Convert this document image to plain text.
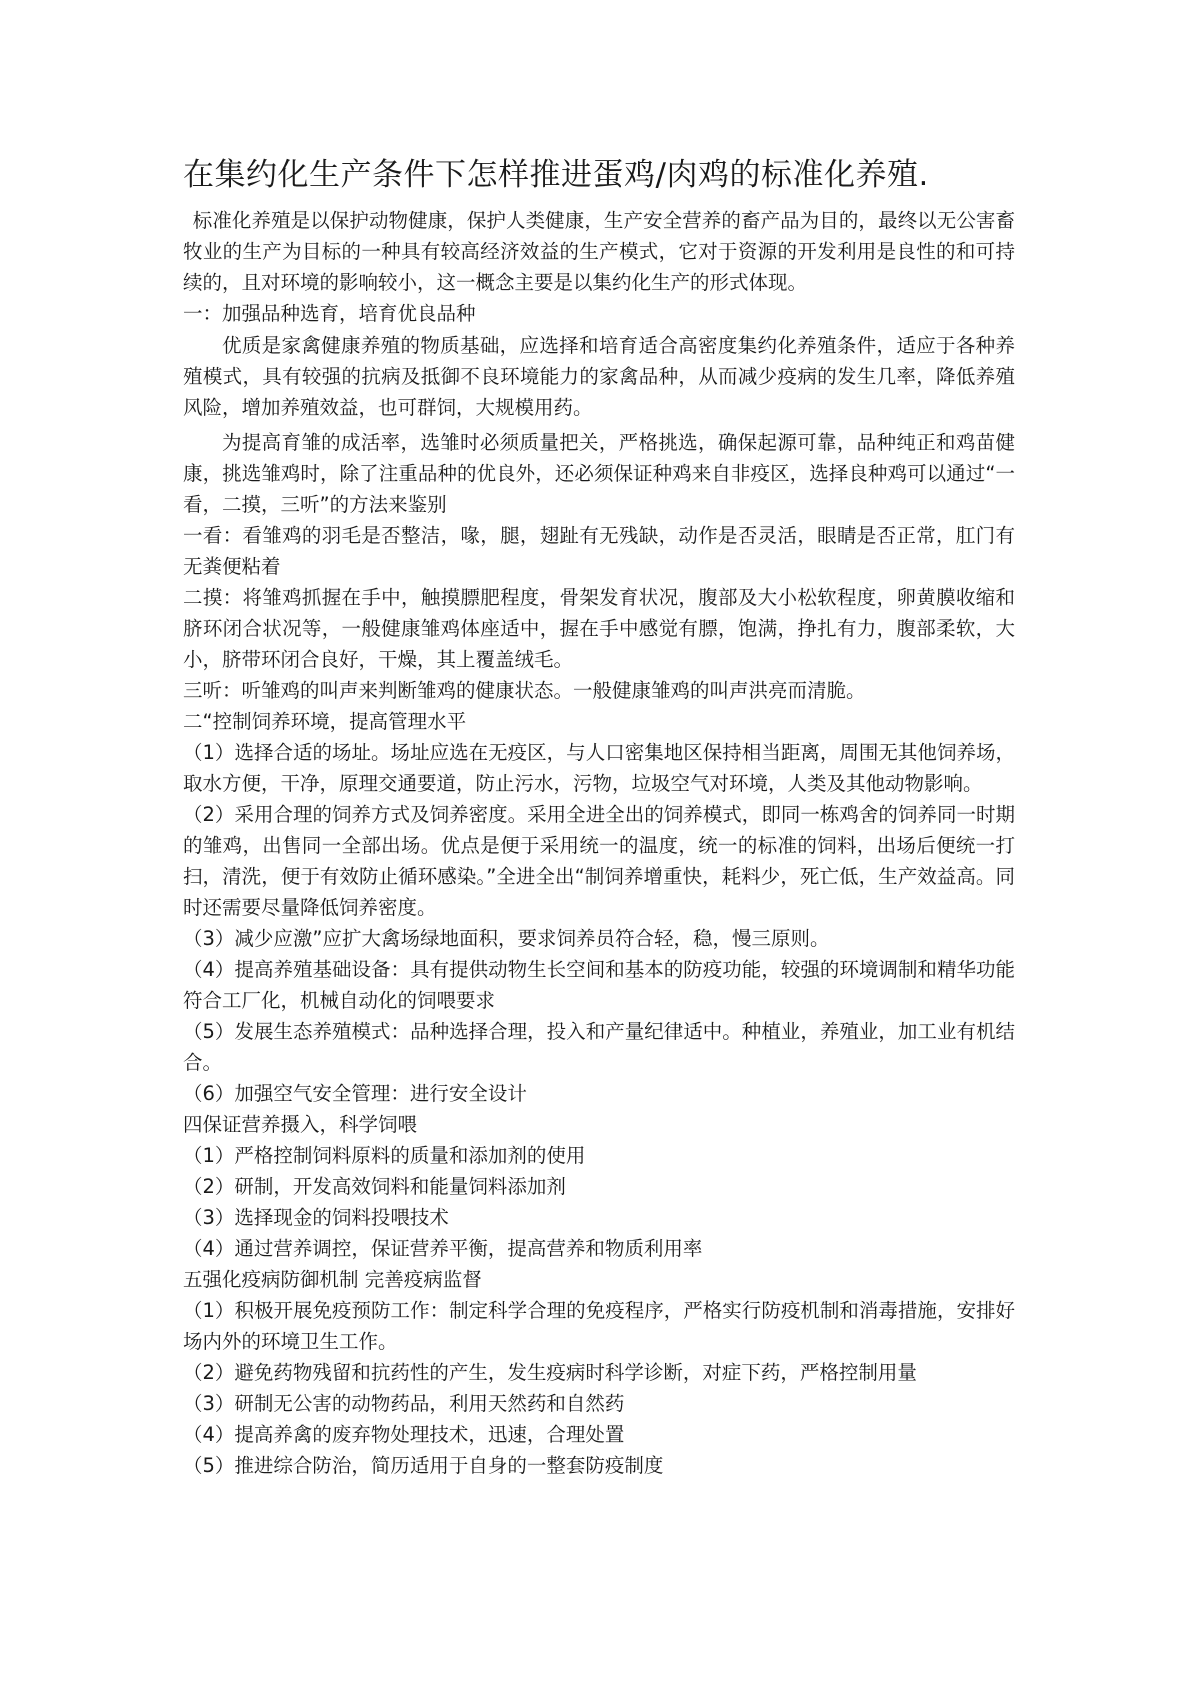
在集约化生产条件下怎样推进蛋鸡/肉鸡的标准化养殖.

标准化养殖是以保护动物健康，保护人类健康，生产安全营养的畜产品为目的，最终以无公害畜牧业的生产为目标的一种具有较高经济效益的生产模式，它对于资源的开发利用是良性的和可持续的，且对环境的影响较小，这一概念主要是以集约化生产的形式体现。

一：加强品种选育，培育优良品种

优质是家禽健康养殖的物质基础，应选择和培育适合高密度集约化养殖条件，适应于各种养殖模式，具有较强的抗病及抵御不良环境能力的家禽品种，从而减少疫病的发生几率，降低养殖风险，增加养殖效益，也可群饲，大规模用药。

为提高育雏的成活率，选雏时必须质量把关，严格挑选，确保起源可靠，品种纯正和鸡苗健康，挑选雏鸡时，除了注重品种的优良外，还必须保证种鸡来自非疫区，选择良种鸡可以通过“一看，二摸，三听”的方法来鉴别

一看：看雏鸡的羽毛是否整洁，喙，腿，翅趾有无残缺，动作是否灵活，眼睛是否正常，肛门有无粪便粘着

二摸：将雏鸡抓握在手中，触摸膘肥程度，骨架发育状况，腹部及大小松软程度，卵黄膜收缩和脐环闭合状况等，一般健康雏鸡体座适中，握在手中感觉有膘，饱满，挣扎有力，腹部柔软，大小，脐带环闭合良好，干燥，其上覆盖绒毛。

三听：听雏鸡的叫声来判断雏鸡的健康状态。一般健康雏鸡的叫声洪亮而清脆。

二“控制饲养环境，提高管理水平

（1）选择合适的场址。场址应选在无疫区，与人口密集地区保持相当距离，周围无其他饲养场，取水方便，干净，原理交通要道，防止污水，污物，垃圾空气对环境，人类及其他动物影响。

（2）采用合理的饲养方式及饲养密度。采用全进全出的饲养模式，即同一栋鸡舍的饲养同一时期的雏鸡，出售同一全部出场。优点是便于采用统一的温度，统一的标准的饲料，出场后便统一打扫，清洗，便于有效防止循环感染。”全进全出“制饲养增重快，耗料少，死亡低，生产效益高。同时还需要尽量降低饲养密度。

（3）减少应激”应扩大禽场绿地面积，要求饲养员符合轻，稳，慢三原则。

（4）提高养殖基础设备：具有提供动物生长空间和基本的防疫功能，较强的环境调制和精华功能符合工厂化，机械自动化的饲喂要求

（5）发展生态养殖模式：品种选择合理，投入和产量纪律适中。种植业，养殖业，加工业有机结合。

（6）加强空气安全管理：进行安全设计

四保证营养摄入，科学饲喂

（1）严格控制饲料原料的质量和添加剂的使用

（2）研制，开发高效饲料和能量饲料添加剂

（3）选择现金的饲料投喂技术

（4）通过营养调控，保证营养平衡，提高营养和物质利用率

五强化疫病防御机制 完善疫病监督

（1）积极开展免疫预防工作：制定科学合理的免疫程序，严格实行防疫机制和消毒措施，安排好场内外的环境卫生工作。

（2）避免药物残留和抗药性的产生，发生疫病时科学诊断，对症下药，严格控制用量

（3）研制无公害的动物药品，利用天然药和自然药

（4）提高养禽的废弃物处理技术，迅速，合理处置

（5）推进综合防治，简历适用于自身的一整套防疫制度
